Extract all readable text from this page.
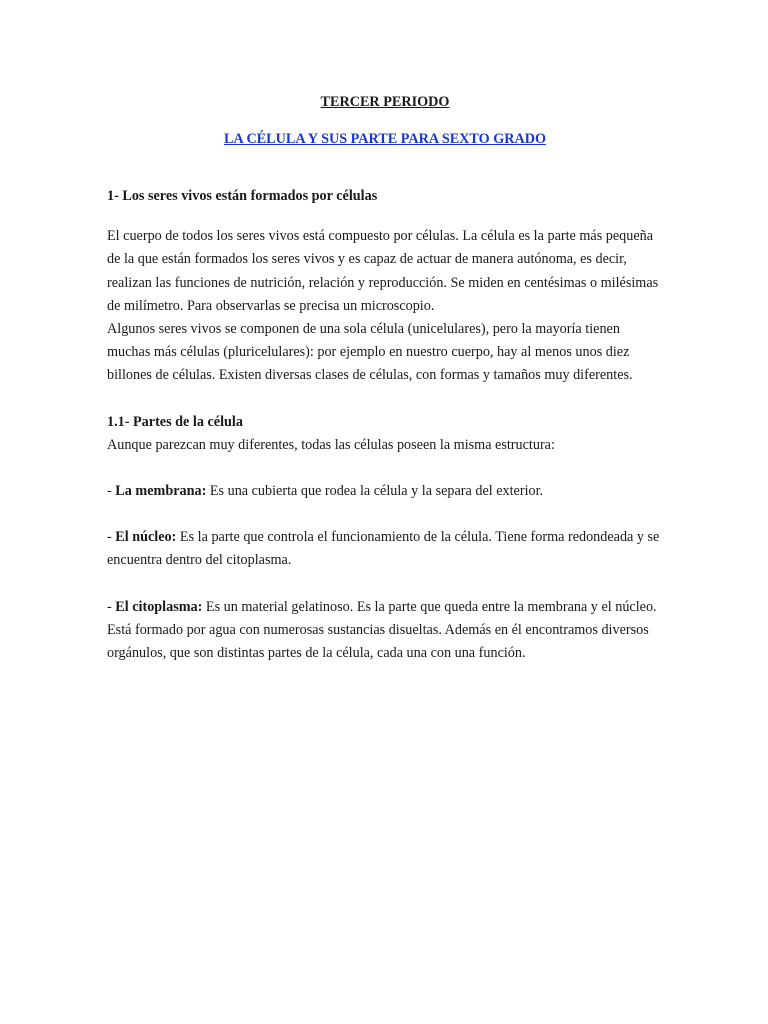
TERCER PERIODO

LA CÉLULA Y SUS PARTE PARA SEXTO GRADO

1- Los seres vivos están formados por células

El cuerpo de todos los seres vivos está compuesto por células. La célula es la parte más pequeña de la que están formados los seres vivos y es capaz de actuar de manera autónoma, es decir, realizan las funciones de nutrición, relación y reproducción. Se miden en centésimas o milésimas de milímetro. Para observarlas se precisa un microscopio.

Algunos seres vivos se componen de una sola célula (unicelulares), pero la mayoría tienen muchas más células (pluricelulares): por ejemplo en nuestro cuerpo, hay al menos unos diez billones de células. Existen diversas clases de células, con formas y tamaños muy diferentes.

1.1- Partes de la célula

Aunque parezcan muy diferentes, todas las células poseen la misma estructura:

- La membrana: Es una cubierta que rodea la célula y la separa del exterior.

- El núcleo: Es la parte que controla el funcionamiento de la célula. Tiene forma redondeada y se encuentra dentro del citoplasma.

- El citoplasma: Es un material gelatinoso. Es la parte que queda entre la membrana y el núcleo. Está formado por agua con numerosas sustancias disueltas. Además en él encontramos diversos orgánulos, que son distintas partes de la célula, cada una con una función.
